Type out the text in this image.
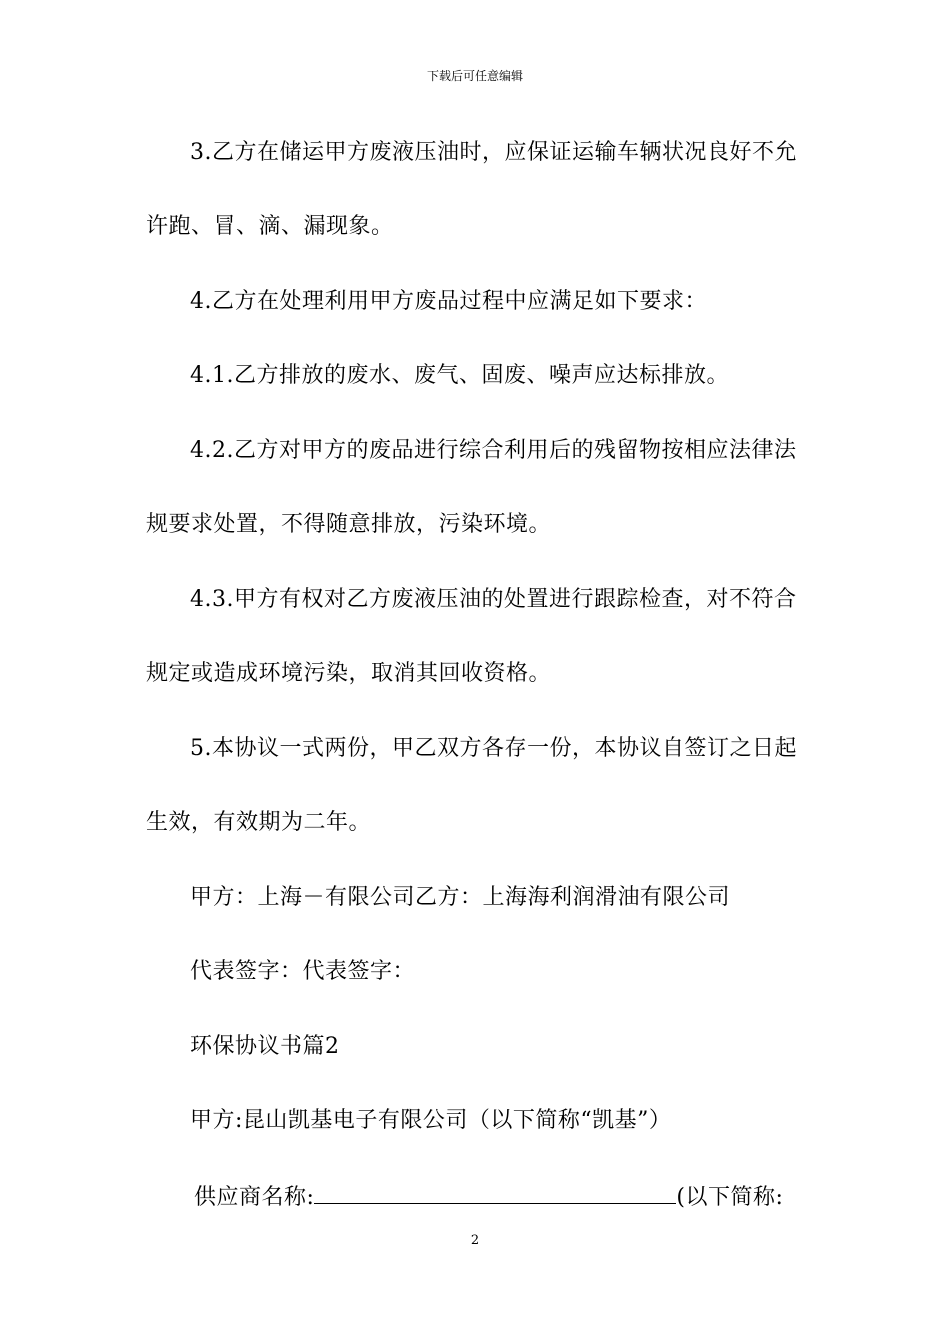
下载后可任意编辑
3.乙方在储运甲方废液压油时，应保证运输车辆状况良好不允
许跑、冒、滴、漏现象。
4.乙方在处理利用甲方废品过程中应满足如下要求：
4.1.乙方排放的废水、废气、固废、噪声应达标排放。
4.2.乙方对甲方的废品进行综合利用后的残留物按相应法律法
规要求处置，不得随意排放，污染环境。
4.3.甲方有权对乙方废液压油的处置进行跟踪检查，对不符合
规定或造成环境污染，取消其回收资格。
5.本协议一式两份，甲乙双方各存一份，本协议自签订之日起
生效，有效期为二年。
甲方：上海－有限公司乙方：上海海利润滑油有限公司
代表签字：代表签字：
环保协议书篇2
甲方:昆山凯基电子有限公司（以下简称“凯基”）
供应商名称:	(以下简称:
2
